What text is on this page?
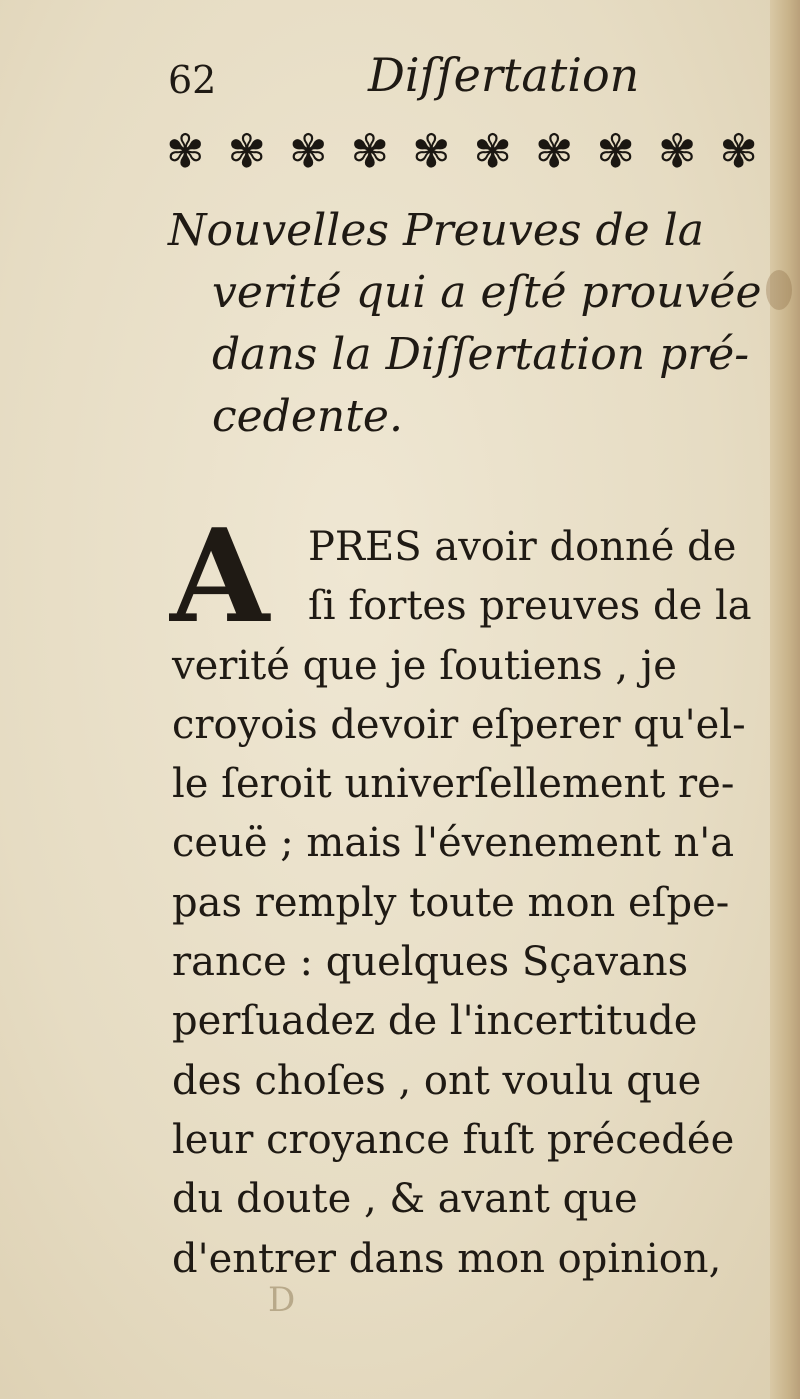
62	Diſſertation
✾ ✾ ✾ ✾ ✾ ✾ ✾ ✾ ✾ ✾
Nouvelles Preuves de la
verité qui a eſté prouvée
dans la Diſſertation pré-
cedente.
A PRES avoir donné de
ſi fortes preuves de la
verité que je ſoutiens , je
croyois devoir eſperer qu'el-
le ſeroit univerſellement re-
ceuë ; mais l'évenement n'a
pas remply toute mon eſpe-
rance : quelques Sçavans
perſuadez de l'incertitude
des choſes , ont voulu que
leur croyance fuſt précedée
du doute , & avant que
d'entrer dans mon opinion,
D
